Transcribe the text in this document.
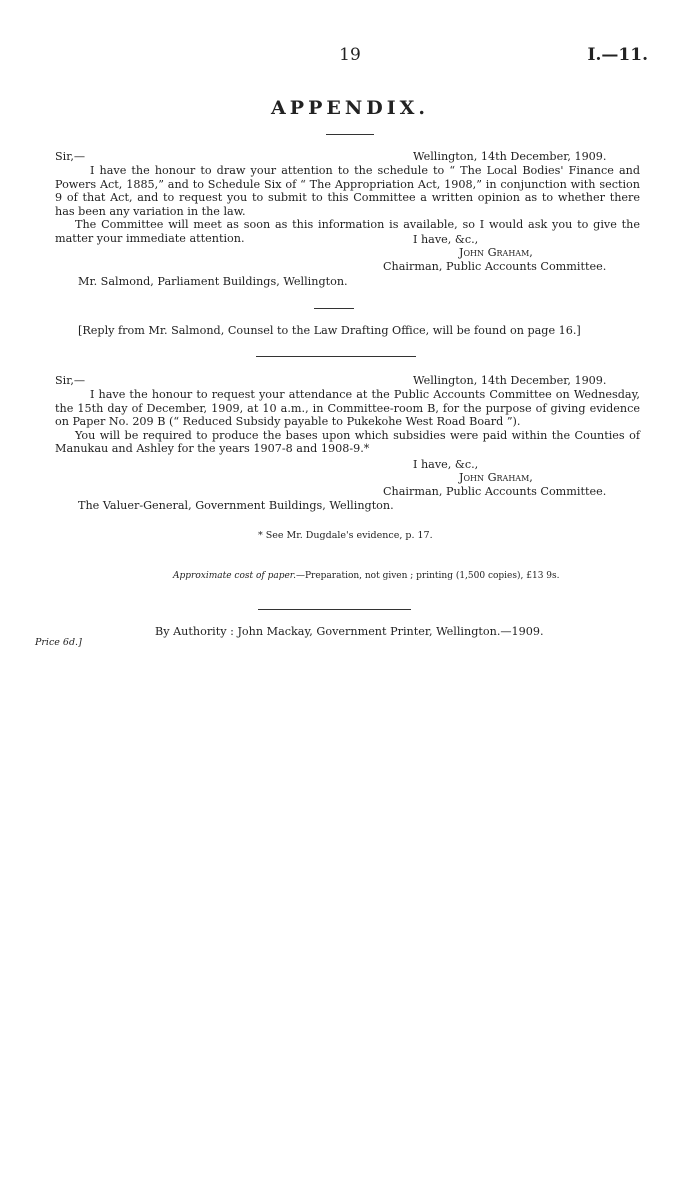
19	I.—11.
APPENDIX.
Sir,—	Wellington, 14th December, 1909.

I have the honour to draw your attention to the schedule to “ The Local Bodies' Finance and Powers Act, 1885,” and to Schedule Six of “ The Appropriation Act, 1908,” in conjunction with section 9 of that Act, and to request you to submit to this Committee a written opinion as to whether there has been any variation in the law.

The Committee will meet as soon as this information is available, so I would ask you to give the matter your immediate attention.	I have, &c.,
John Graham,
Chairman, Public Accounts Committee.
Mr. Salmond, Parliament Buildings, Wellington.
[Reply from Mr. Salmond, Counsel to the Law Drafting Office, will be found on page 16.]
Sir,—	Wellington, 14th December, 1909.

I have the honour to request your attendance at the Public Accounts Committee on Wednesday, the 15th day of December, 1909, at 10 a.m., in Committee-room B, for the purpose of giving evidence on Paper No. 209 B (“ Reduced Subsidy payable to Pukekohe West Road Board ”).

You will be required to produce the bases upon which subsidies were paid within the Counties of Manukau and Ashley for the years 1907-8 and 1908-9.*

I have, &c.,
John Graham,
Chairman, Public Accounts Committee.
The Valuer-General, Government Buildings, Wellington.
* See Mr. Dugdale's evidence, p. 17.
Approximate cost of paper.—Preparation, not given ; printing (1,500 copies), £13 9s.
By Authority : John Mackay, Government Printer, Wellington.—1909.
Price 6d.]
